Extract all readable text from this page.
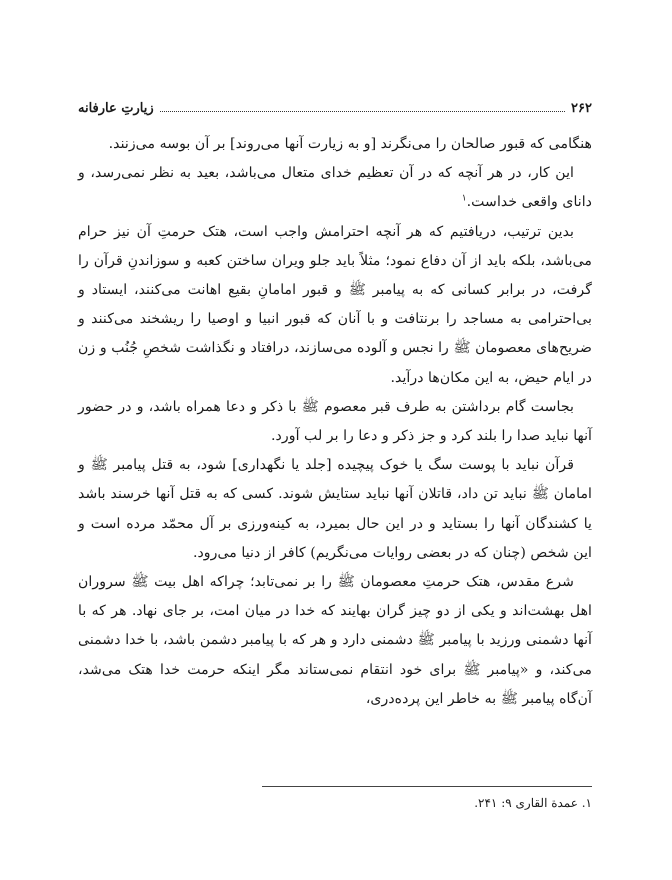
۲۶۲
زیارتِ عارفانه

هنگامی که قبور صالحان را می‌نگرند [و به زیارت آنها می‌روند] بر آن بوسه می‌زنند.

این کار، در هر آنچه که در آن تعظیم خدای متعال می‌باشد، بعید به نظر نمی‌رسد، و دانای واقعی خداست.$^١$

بدین ترتیب، دریافتیم که هر آنچه احترامش واجب است، هتک حرمتِ آن نیز حرام می‌باشد، بلکه باید از آن دفاع نمود؛ مثلاً باید جلو ویران ساختن کعبه و سوزاندنِ قرآن را گرفت، در برابر کسانی که به پیامبر ﷺ و قبور امامانِ بقیع اهانت می‌کنند، ایستاد و بی‌احترامی به مساجد را برنتافت و با آنان که قبور انبیا و اوصیا را ریشخند می‌کنند و ضریح‌های معصومان ﷺ را نجس و آلوده می‌سازند، درافتاد و نگذاشت شخصِ جُنُب و زن در ایام حیض، به این مکان‌ها درآید.

بجاست گام برداشتن به طرف قبر معصوم ﷺ با ذکر و دعا همراه باشد، و در حضور آنها نباید صدا را بلند کرد و جز ذکر و دعا را بر لب آورد.

قرآن نباید با پوست سگ یا خوک پیچیده [جلد یا نگهداری] شود، به قتل پیامبر ﷺ و امامان ﷺ نباید تن داد، قاتلان آنها نباید ستایش شوند. کسی که به قتل آنها خرسند باشد یا کشندگان آنها را بستاید و در این حال بمیرد، به کینه‌ورزی بر آل محمّد مرده است و این شخص (چنان که در بعضی روایات می‌نگریم) کافر از دنیا می‌رود.

شرع مقدس، هتک حرمتِ معصومان ﷺ را بر نمی‌تابد؛ چراکه اهل بیت ﷺ سروران اهل بهشت‌اند و یکی از دو چیز گران بهایند که خدا در میان امت، بر جای نهاد. هر که با آنها دشمنی ورزید با پیامبر ﷺ دشمنی دارد و هر که با پیامبر دشمن باشد، با خدا دشمنی می‌کند، و «پیامبر ﷺ برای خود انتقام نمی‌ستاند مگر اینکه حرمت خدا هتک می‌شد، آن‌گاه پیامبر ﷺ به خاطر این پرده‌دری،

١. عمدة القاری ۹: ۲۴۱.
